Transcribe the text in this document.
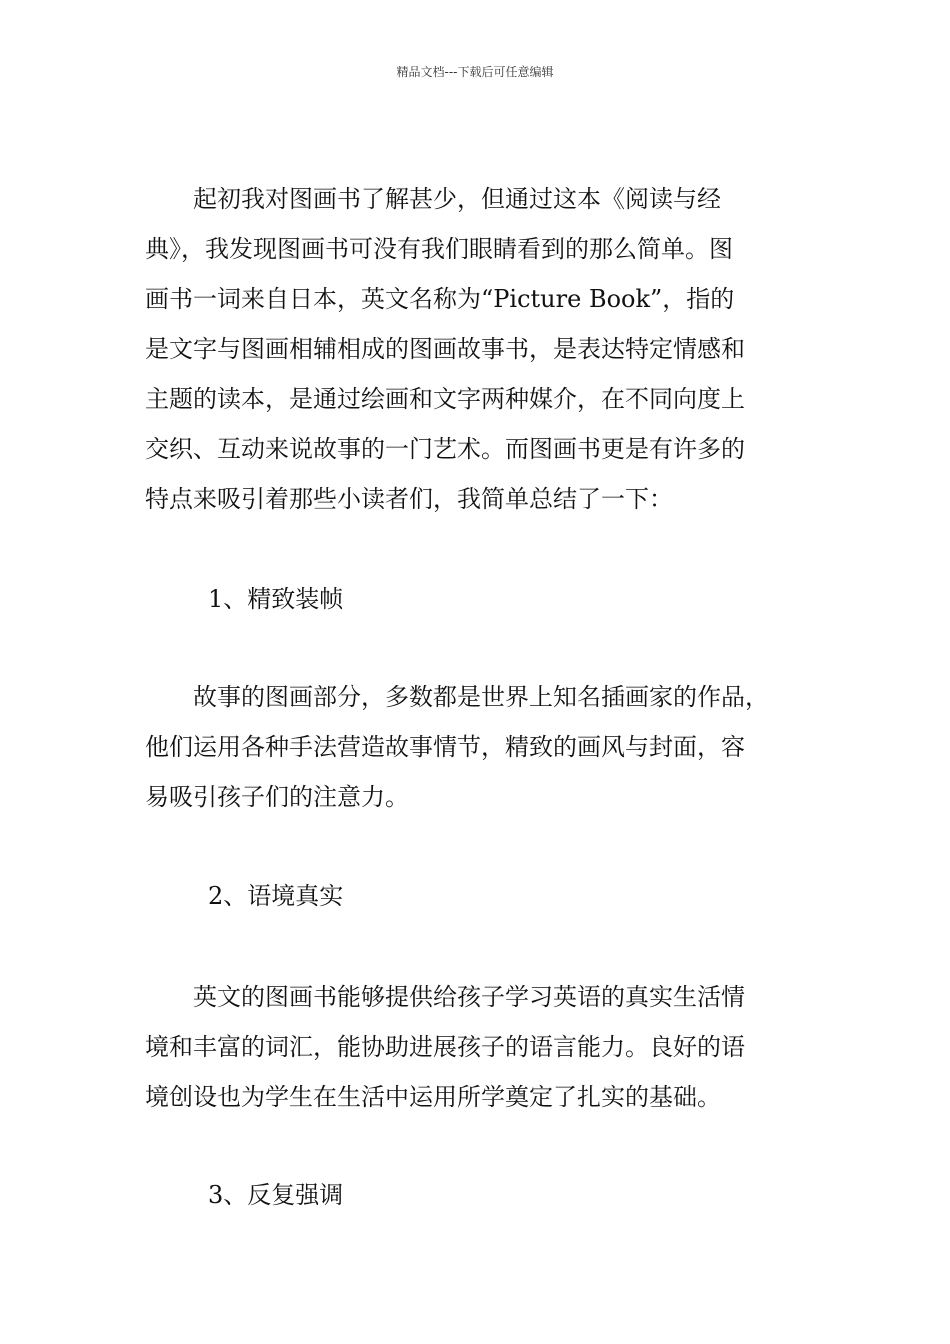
精品文档---下载后可任意编辑
　　起初我对图画书了解甚少，但通过这本《阅读与经
典》，我发现图画书可没有我们眼睛看到的那么简单。图
画书一词来自日本，英文名称为“Picture Book”，指的
是文字与图画相辅相成的图画故事书，是表达特定情感和
主题的读本，是通过绘画和文字两种媒介，在不同向度上
交织、互动来说故事的一门艺术。而图画书更是有许多的
特点来吸引着那些小读者们，我简单总结了一下：
1、精致装帧
　　故事的图画部分，多数都是世界上知名插画家的作品，
他们运用各种手法营造故事情节，精致的画风与封面，容
易吸引孩子们的注意力。
2、语境真实
　　英文的图画书能够提供给孩子学习英语的真实生活情
境和丰富的词汇，能协助进展孩子的语言能力。良好的语
境创设也为学生在生活中运用所学奠定了扎实的基础。
3、反复强调
